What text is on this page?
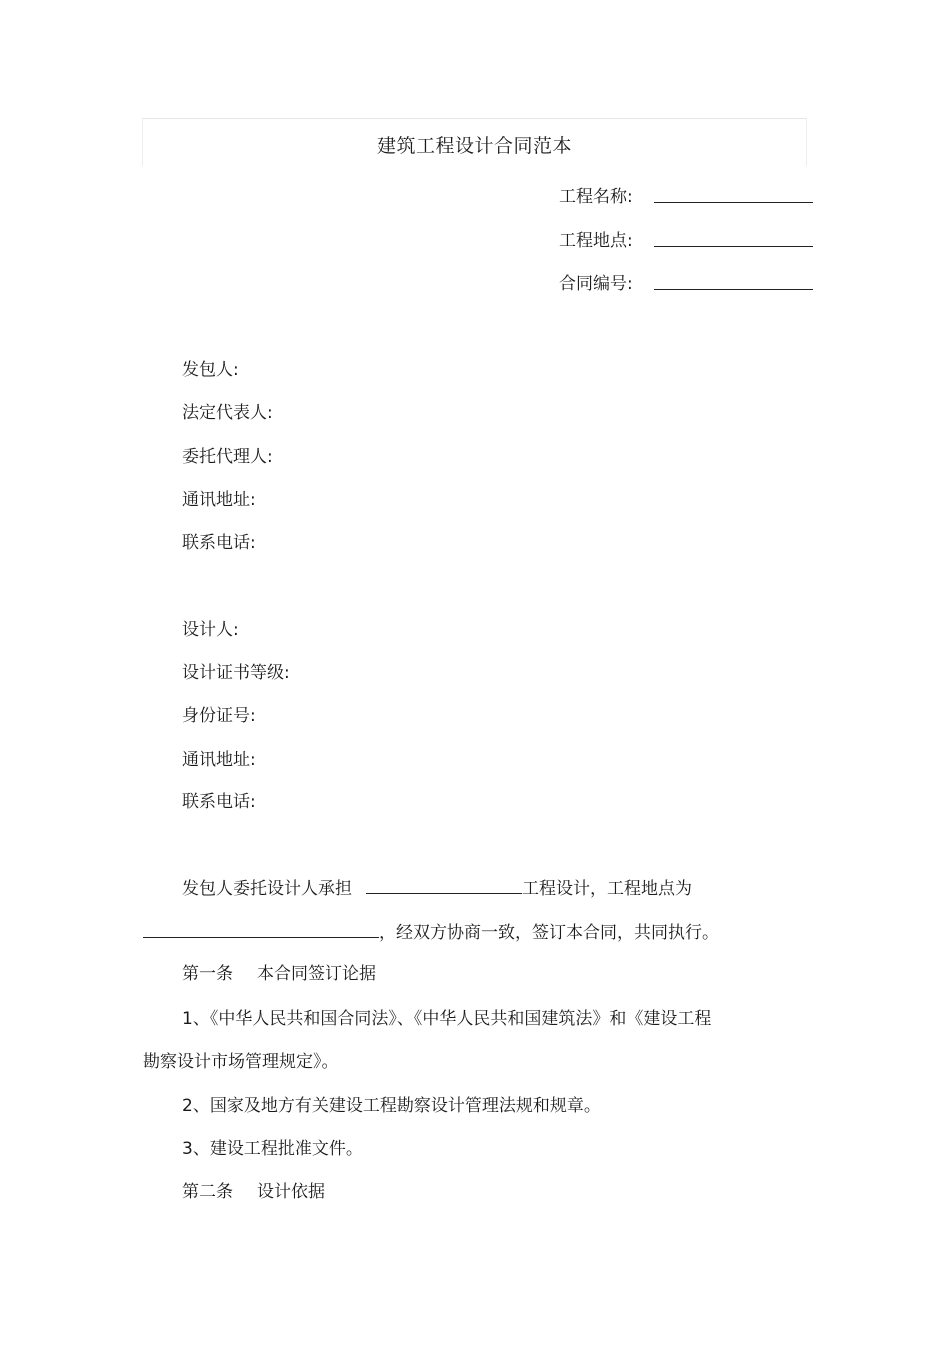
建筑工程设计合同范本
工程名称:
工程地点:
合同编号:
发包人:
法定代表人:
委托代理人:
通讯地址:
联系电话:
设计人:
设计证书等级:
身份证号:
通讯地址:
联系电话:
发包人委托设计人承担	工程设计，工程地点为
，经双方协商一致，签订本合同，共同执行。
第一条 本合同签订论据
1、《中华人民共和国合同法》、《中华人民共和国建筑法》和《建设工程
勘察设计市场管理规定》。
2、国家及地方有关建设工程勘察设计管理法规和规章。
3、建设工程批准文件。
第二条 设计依据
